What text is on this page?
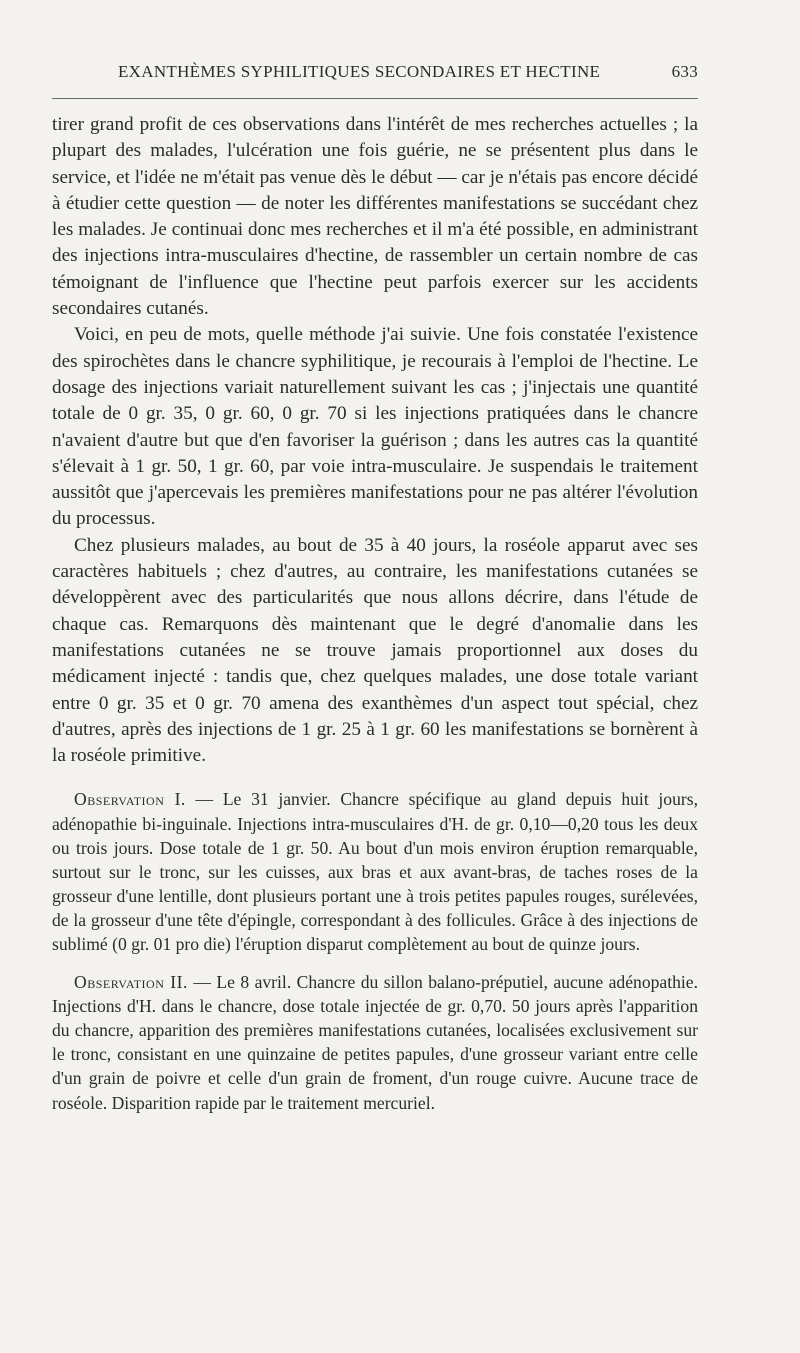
EXANTHÈMES SYPHILITIQUES SECONDAIRES ET HECTINE	633

tirer grand profit de ces observations dans l'intérêt de mes recherches actuelles ; la plupart des malades, l'ulcération une fois guérie, ne se présentent plus dans le service, et l'idée ne m'était pas venue dès le début — car je n'étais pas encore décidé à étudier cette question — de noter les différentes manifestations se succédant chez les malades. Je continuai donc mes recherches et il m'a été possible, en administrant des injections intra-musculaires d'hectine, de rassembler un certain nombre de cas témoignant de l'influence que l'hectine peut parfois exercer sur les accidents secondaires cutanés.

Voici, en peu de mots, quelle méthode j'ai suivie. Une fois constatée l'existence des spirochètes dans le chancre syphilitique, je recourais à l'emploi de l'hectine. Le dosage des injections variait naturellement suivant les cas ; j'injectais une quantité totale de 0 gr. 35, 0 gr. 60, 0 gr. 70 si les injections pratiquées dans le chancre n'avaient d'autre but que d'en favoriser la guérison ; dans les autres cas la quantité s'élevait à 1 gr. 50, 1 gr. 60, par voie intra-musculaire. Je suspendais le traitement aussitôt que j'apercevais les premières manifestations pour ne pas altérer l'évolution du processus.

Chez plusieurs malades, au bout de 35 à 40 jours, la roséole apparut avec ses caractères habituels ; chez d'autres, au contraire, les manifestations cutanées se développèrent avec des particularités que nous allons décrire, dans l'étude de chaque cas. Remarquons dès maintenant que le degré d'anomalie dans les manifestations cutanées ne se trouve jamais proportionnel aux doses du médicament injecté : tandis que, chez quelques malades, une dose totale variant entre 0 gr. 35 et 0 gr. 70 amena des exanthèmes d'un aspect tout spécial, chez d'autres, après des injections de 1 gr. 25 à 1 gr. 60 les manifestations se bornèrent à la roséole primitive.

Observation I. — Le 31 janvier. Chancre spécifique au gland depuis huit jours, adénopathie bi-inguinale. Injections intra-musculaires d'H. de gr. 0,10—0,20 tous les deux ou trois jours. Dose totale de 1 gr. 50. Au bout d'un mois environ éruption remarquable, surtout sur le tronc, sur les cuisses, aux bras et aux avant-bras, de taches roses de la grosseur d'une lentille, dont plusieurs portant une à trois petites papules rouges, surélevées, de la grosseur d'une tête d'épingle, correspondant à des follicules. Grâce à des injections de sublimé (0 gr. 01 pro die) l'éruption disparut complètement au bout de quinze jours.

Observation II. — Le 8 avril. Chancre du sillon balano-préputiel, aucune adénopathie. Injections d'H. dans le chancre, dose totale injectée de gr. 0,70. 50 jours après l'apparition du chancre, apparition des premières manifestations cutanées, localisées exclusivement sur le tronc, consistant en une quinzaine de petites papules, d'une grosseur variant entre celle d'un grain de poivre et celle d'un grain de froment, d'un rouge cuivre. Aucune trace de roséole. Disparition rapide par le traitement mercuriel.
